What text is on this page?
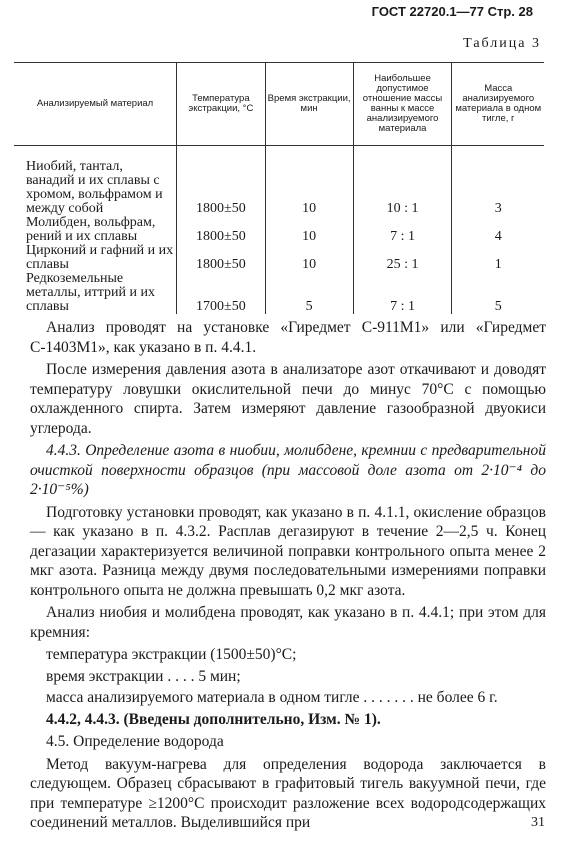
ГОСТ 22720.1—77 Стр. 28
Таблица 3
Анализируемый материал	Температура экстракции, °С	Время экстракции, мин	Наибольшее допустимое отношение массы ванны к массе анализируемого материала	Масса анализируемого материала в одном тигле, г
Ниобий, тантал, ванадий и их сплавы с хромом, вольфрамом и между собой	1800±50	10	10 : 1	3
Молибден, вольфрам, рений и их сплавы	1800±50	10	7 : 1	4
Цирконий и гафний и их сплавы	1800±50	10	25 : 1	1
Редкоземельные металлы, иттрий и их сплавы	1700±50	5	7 : 1	5

Анализ проводят на установке «Гиредмет С-911М1» или «Гиредмет С-1403М1», как указано в п. 4.4.1.

После измерения давления азота в анализаторе азот откачивают и доводят температуру ловушки окислительной печи до минус 70°С с помощью охлажденного спирта. Затем измеряют давление газообразной двуокиси углерода.

4.4.3. Определение азота в ниобии, молибдене, кремнии с предварительной очисткой поверхности образцов (при массовой доле азота от 2·10⁻⁴ до 2·10⁻⁵%)

Подготовку установки проводят, как указано в п. 4.1.1, окисление образцов — как указано в п. 4.3.2. Расплав дегазируют в течение 2—2,5 ч. Конец дегазации характеризуется величиной поправки контрольного опыта менее 2 мкг азота. Разница между двумя последовательными измерениями поправки контрольного опыта не должна превышать 0,2 мкг азота.

Анализ ниобия и молибдена проводят, как указано в п. 4.4.1; при этом для кремния:

температура экстракции (1500±50)°С;

время экстракции . . . . 5 мин;

масса анализируемого материала в одном тигле . . . . . . . не более 6 г.

4.4.2, 4.4.3. (Введены дополнительно, Изм. № 1).

4.5. Определение водорода

Метод вакуум-нагрева для определения водорода заключается в следующем. Образец сбрасывают в графитовый тигель вакуумной печи, где при температуре ≥1200°С происходит разложение всех водородсодержащих соединений металлов. Выделившийся при	31
